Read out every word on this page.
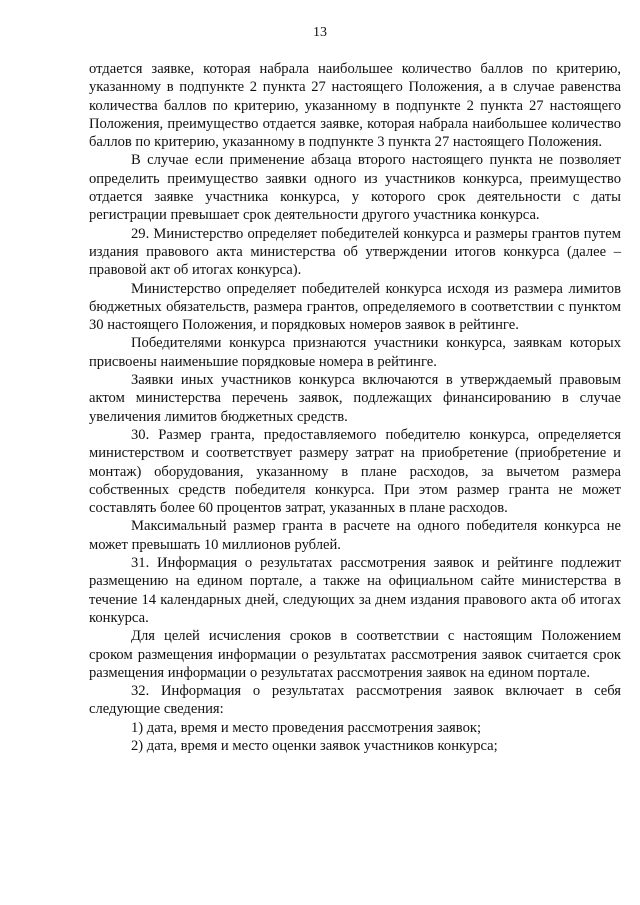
13

отдается заявке, которая набрала наибольшее количество баллов по критерию, указанному в подпункте 2 пункта 27 настоящего Положения, а в случае равенства количества баллов по критерию, указанному в подпункте 2 пункта 27 настоящего Положения, преимущество отдается заявке, которая набрала наибольшее количество баллов по критерию, указанному в подпункте 3 пункта 27 настоящего Положения.

В случае если применение абзаца второго настоящего пункта не позволяет определить преимущество заявки одного из участников конкурса, преимущество отдается заявке участника конкурса, у которого срок деятельности с даты регистрации превышает срок деятельности другого участника конкурса.

29. Министерство определяет победителей конкурса и размеры грантов путем издания правового акта министерства об утверждении итогов конкурса (далее – правовой акт об итогах конкурса).

Министерство определяет победителей конкурса исходя из размера лимитов бюджетных обязательств, размера грантов, определяемого в соответствии с пунктом 30 настоящего Положения, и порядковых номеров заявок в рейтинге.

Победителями конкурса признаются участники конкурса, заявкам которых присвоены наименьшие порядковые номера в рейтинге.

Заявки иных участников конкурса включаются в утверждаемый правовым актом министерства перечень заявок, подлежащих финансированию в случае увеличения лимитов бюджетных средств.

30. Размер гранта, предоставляемого победителю конкурса, определяется министерством и соответствует размеру затрат на приобретение (приобретение и монтаж) оборудования, указанному в плане расходов, за вычетом размера собственных средств победителя конкурса. При этом размер гранта не может составлять более 60 процентов затрат, указанных в плане расходов.

Максимальный размер гранта в расчете на одного победителя конкурса не может превышать 10 миллионов рублей.

31. Информация о результатах рассмотрения заявок и рейтинге подлежит размещению на едином портале, а также на официальном сайте министерства в течение 14 календарных дней, следующих за днем издания правового акта об итогах конкурса.

Для целей исчисления сроков в соответствии с настоящим Положением сроком размещения информации о результатах рассмотрения заявок считается срок размещения информации о результатах рассмотрения заявок на едином портале.

32. Информация о результатах рассмотрения заявок включает в себя следующие сведения:

1) дата, время и место проведения рассмотрения заявок;

2) дата, время и место оценки заявок участников конкурса;
